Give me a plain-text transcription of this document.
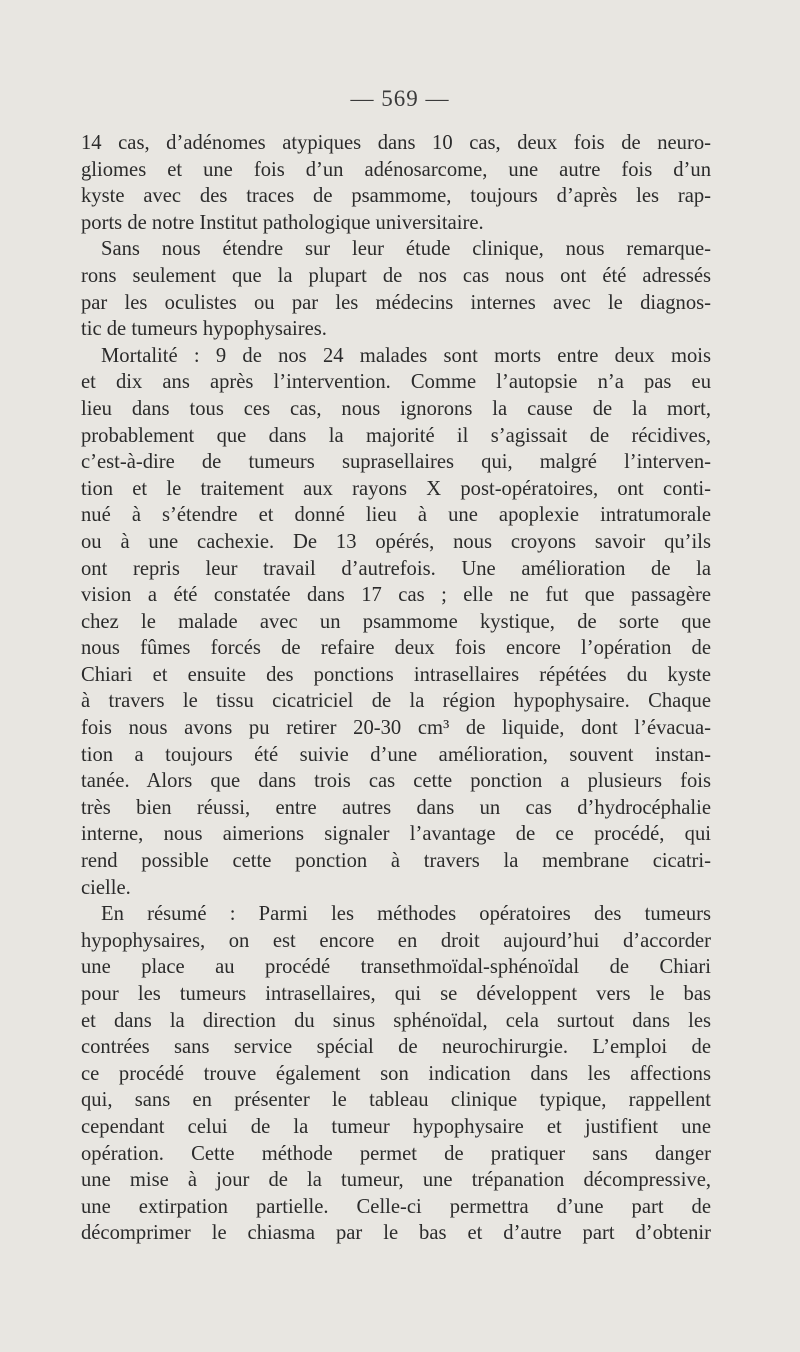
— 569 —
14 cas, d’adénomes atypiques dans 10 cas, deux fois de neuro-
gliomes et une fois d’un adénosarcome, une autre fois d’un
kyste avec des traces de psammome, toujours d’après les rap-
ports de notre Institut pathologique universitaire.
Sans nous étendre sur leur étude clinique, nous remarque-
rons seulement que la plupart de nos cas nous ont été adressés
par les oculistes ou par les médecins internes avec le diagnos-
tic de tumeurs hypophysaires.
Mortalité : 9 de nos 24 malades sont morts entre deux mois
et dix ans après l’intervention. Comme l’autopsie n’a pas eu
lieu dans tous ces cas, nous ignorons la cause de la mort,
probablement que dans la majorité il s’agissait de récidives,
c’est-à-dire de tumeurs suprasellaires qui, malgré l’interven-
tion et le traitement aux rayons X post-opératoires, ont conti-
nué à s’étendre et donné lieu à une apoplexie intratumorale
ou à une cachexie. De 13 opérés, nous croyons savoir qu’ils
ont repris leur travail d’autrefois. Une amélioration de la
vision a été constatée dans 17 cas ; elle ne fut que passagère
chez le malade avec un psammome kystique, de sorte que
nous fûmes forcés de refaire deux fois encore l’opération de
Chiari et ensuite des ponctions intrasellaires répétées du kyste
à travers le tissu cicatriciel de la région hypophysaire. Chaque
fois nous avons pu retirer 20-30 cm³ de liquide, dont l’évacua-
tion a toujours été suivie d’une amélioration, souvent instan-
tanée. Alors que dans trois cas cette ponction a plusieurs fois
très bien réussi, entre autres dans un cas d’hydrocéphalie
interne, nous aimerions signaler l’avantage de ce procédé, qui
rend possible cette ponction à travers la membrane cicatri-
cielle.
En résumé : Parmi les méthodes opératoires des tumeurs
hypophysaires, on est encore en droit aujourd’hui d’accorder
une place au procédé transethmoïdal-sphénoïdal de Chiari
pour les tumeurs intrasellaires, qui se développent vers le bas
et dans la direction du sinus sphénoïdal, cela surtout dans les
contrées sans service spécial de neurochirurgie. L’emploi de
ce procédé trouve également son indication dans les affections
qui, sans en présenter le tableau clinique typique, rappellent
cependant celui de la tumeur hypophysaire et justifient une
opération. Cette méthode permet de pratiquer sans danger
une mise à jour de la tumeur, une trépanation décompressive,
une extirpation partielle. Celle-ci permettra d’une part de
décomprimer le chiasma par le bas et d’autre part d’obtenir
